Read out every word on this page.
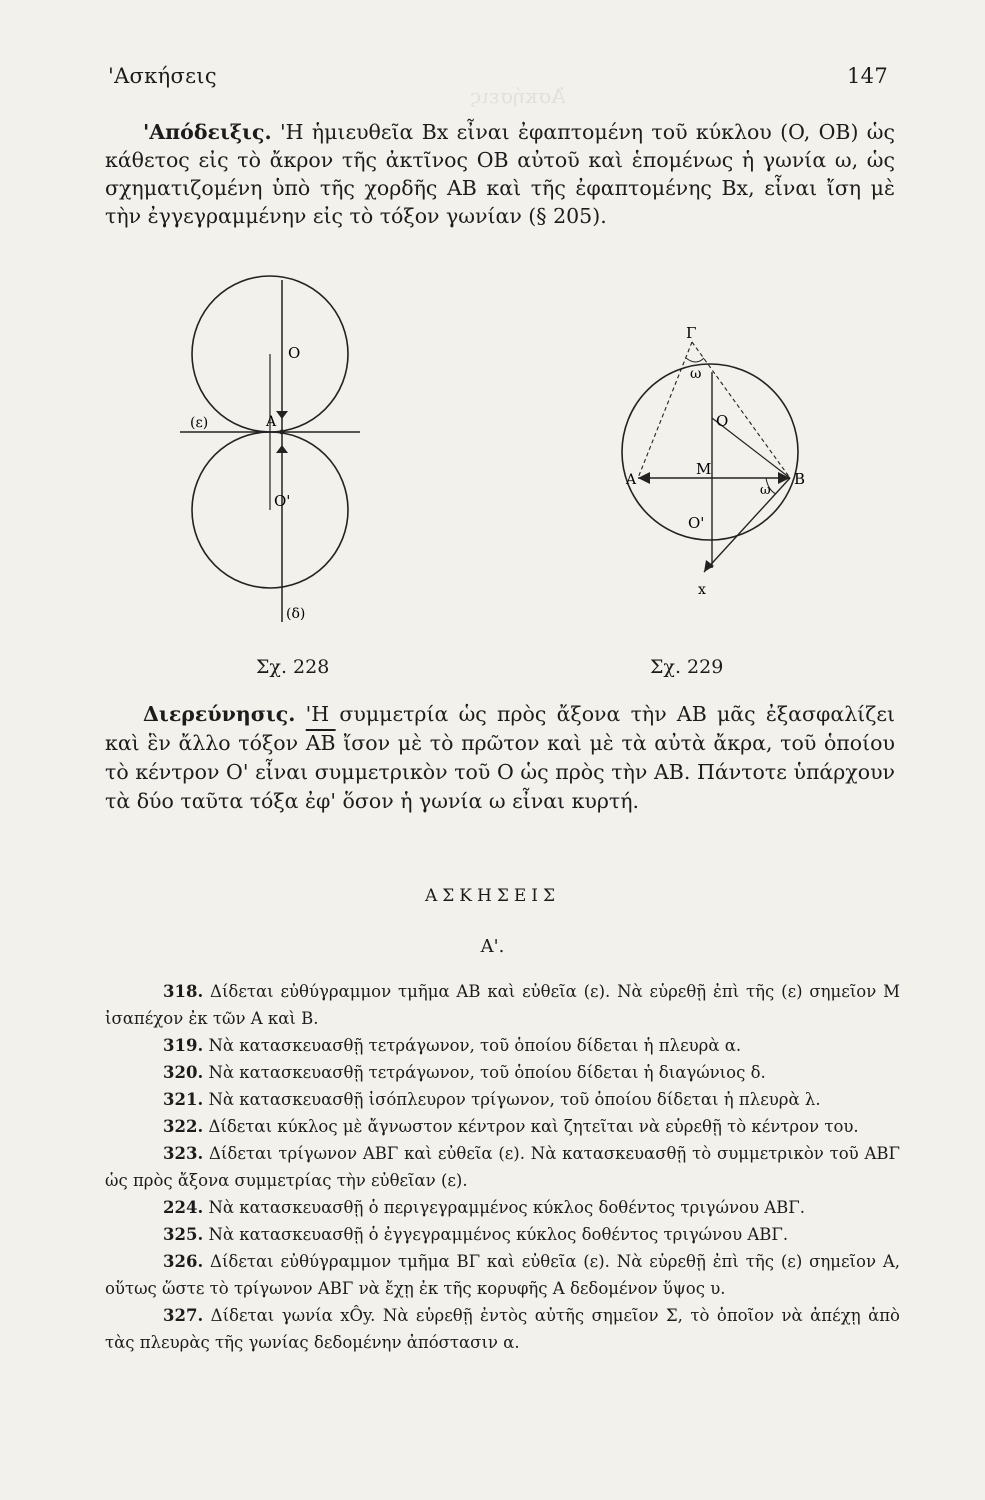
Ἀσκήσεις
'Ασκήσεις	147
'Απόδειξις. 'Η ἡμιευθεῖα Bx εἶναι ἐφαπτομένη τοῦ κύκλου (O, OB) ὡς κάθετος εἰς τὸ ἄκρον τῆς ἀκτῖνος OB αὐτοῦ καὶ ἑπομένως ἡ γωνία ω, ὡς σχηματιζομένη ὑπὸ τῆς χορδῆς AB καὶ τῆς ἐφαπτομένης Bx, εἶναι ἴση μὲ τὴν ἐγγεγραμμένην εἰς τὸ τόξον γωνίαν (§ 205).
O
A
(ε)
O'
(δ)
Σχ. 228
Γ
ω
O
A
M
B
ω
O'
x
Σχ. 229
Διερεύνησις. 'Η συμμετρία ὡς πρὸς ἄξονα τὴν AB μᾶς ἐξασφαλίζει καὶ ἓν ἄλλο τόξον $\overline{AB}$ ἴσον μὲ τὸ πρῶτον καὶ μὲ τὰ αὐτὰ ἄκρα, τοῦ ὁποίου τὸ κέντρον O' εἶναι συμμετρικὸν τοῦ O ὡς πρὸς τὴν AB. Πάντοτε ὑπάρχουν τὰ δύο ταῦτα τόξα ἐφ' ὅσον ἡ γωνία ω εἶναι κυρτή.
ΑΣΚΗΣΕΙΣ
Α'.
318. Δίδεται εὐθύγραμμον τμῆμα AB καὶ εὐθεῖα (ε). Νὰ εὑρεθῇ ἐπὶ τῆς (ε) σημεῖον M ἰσαπέχον ἐκ τῶν A καὶ B.
319. Νὰ κατασκευασθῇ τετράγωνον, τοῦ ὁποίου δίδεται ἡ πλευρὰ α.
320. Νὰ κατασκευασθῇ τετράγωνον, τοῦ ὁποίου δίδεται ἡ διαγώνιος δ.
321. Νὰ κατασκευασθῇ ἰσόπλευρον τρίγωνον, τοῦ ὁποίου δίδεται ἡ πλευρὰ λ.
322. Δίδεται κύκλος μὲ ἄγνωστον κέντρον καὶ ζητεῖται νὰ εὑρεθῇ τὸ κέντρον του.
323. Δίδεται τρίγωνον ABΓ καὶ εὐθεῖα (ε). Νὰ κατασκευασθῇ τὸ συμμετρικὸν τοῦ ABΓ ὡς πρὸς ἄξονα συμμετρίας τὴν εὐθεῖαν (ε).
224. Νὰ κατασκευασθῇ ὁ περιγεγραμμένος κύκλος δοθέντος τριγώνου ABΓ.
325. Νὰ κατασκευασθῇ ὁ ἐγγεγραμμένος κύκλος δοθέντος τριγώνου ABΓ.
326. Δίδεται εὐθύγραμμον τμῆμα BΓ καὶ εὐθεῖα (ε). Νὰ εὑρεθῇ ἐπὶ τῆς (ε) σημεῖον A, οὕτως ὥστε τὸ τρίγωνον ABΓ νὰ ἔχῃ ἐκ τῆς κορυφῆς A δεδομένον ὕψος υ.
327. Δίδεται γωνία xÔy. Νὰ εὑρεθῇ ἐντὸς αὐτῆς σημεῖον Σ, τὸ ὁποῖον νὰ ἀπέχῃ ἀπὸ τὰς πλευρὰς τῆς γωνίας δεδομένην ἀπόστασιν α.
